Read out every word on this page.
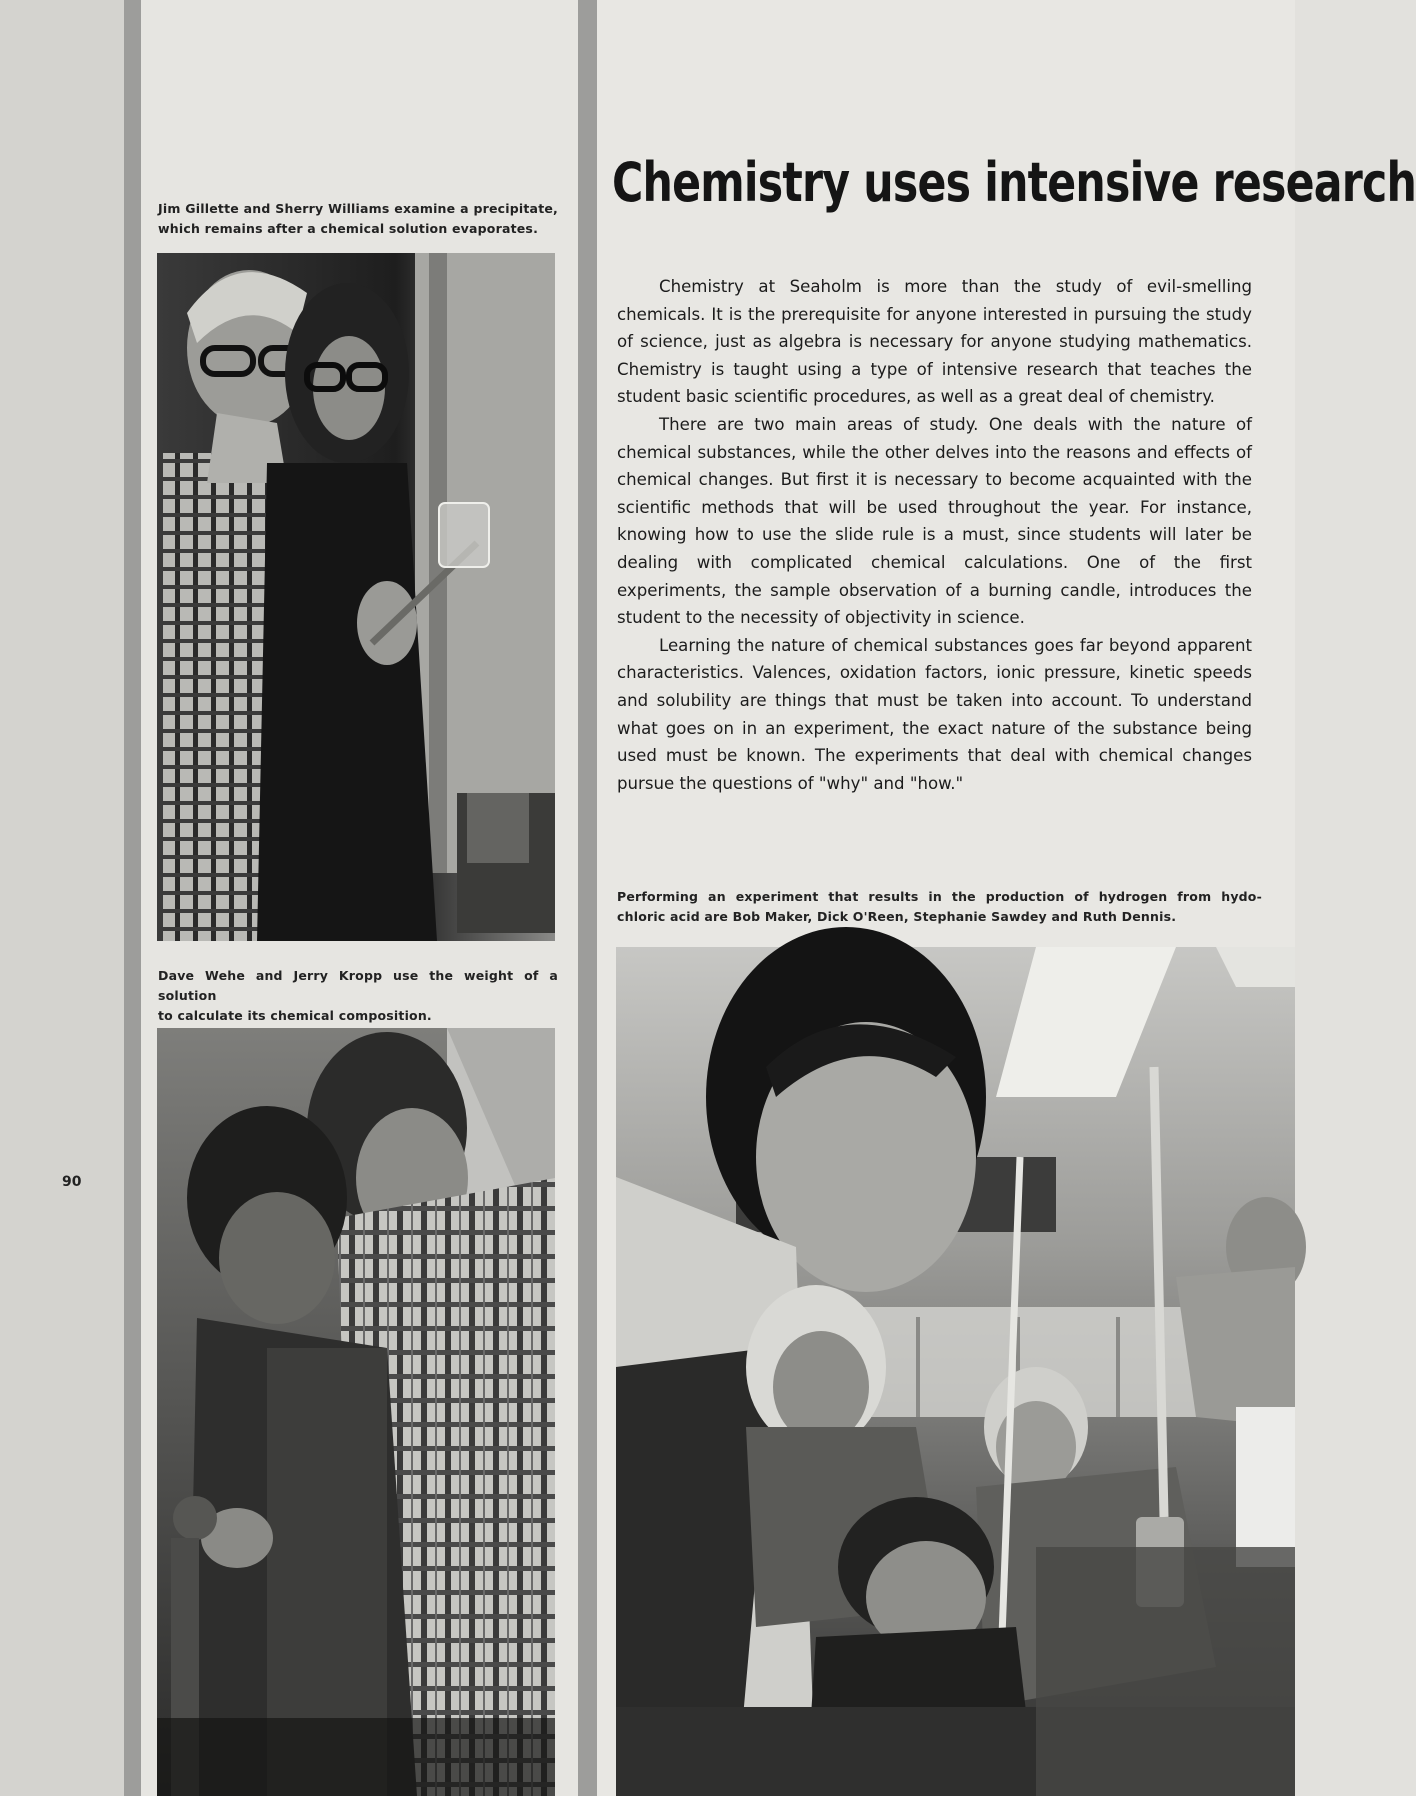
Jim Gillette and Sherry Williams examine a precipitate,
which remains after a chemical solution evaporates.
Dave Wehe and Jerry Kropp use the weight of a solution
to calculate its chemical composition.
90
Chemistry uses intensive research

Chemistry at Seaholm is more than the study of evil-smelling chemicals. It is the prerequisite for anyone interested in pursuing the study of science, just as algebra is necessary for anyone studying mathematics. Chemistry is taught using a type of intensive research that teaches the student basic scientific procedures, as well as a great deal of chemistry.

There are two main areas of study. One deals with the nature of chemical substances, while the other delves into the reasons and effects of chemical changes. But first it is necessary to become acquainted with the scientific methods that will be used throughout the year. For instance, knowing how to use the slide rule is a must, since students will later be dealing with complicated chemical calculations. One of the first experiments, the sample observation of a burning candle, introduces the student to the necessity of objectivity in science.

Learning the nature of chemical substances goes far beyond apparent characteristics. Valences, oxidation factors, ionic pressure, kinetic speeds and solubility are things that must be taken into account. To understand what goes on in an experiment, the exact nature of the substance being used must be known. The experiments that deal with chemical changes pursue the questions of "why" and "how."

Performing an experiment that results in the production of hydrogen from hydo-
chloric acid are Bob Maker, Dick O'Reen, Stephanie Sawdey and Ruth Dennis.
